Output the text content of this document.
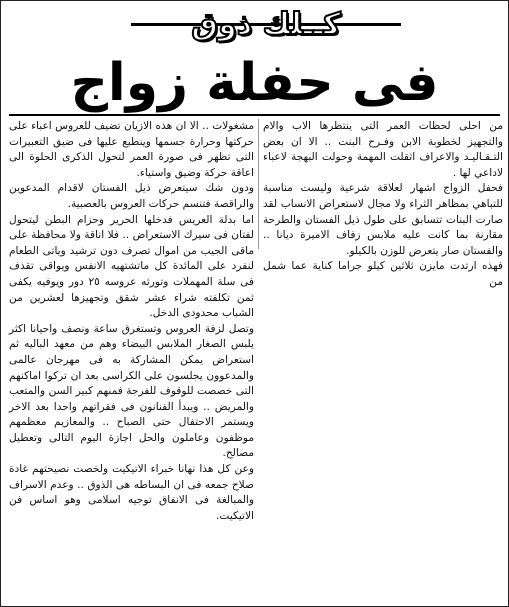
كــلك ذوق
فى حفلة زواج

من احلى لحظات العمر التى ينتظرها الاب والام والتجهيز لخطوبة الابن وفـرح البنت .. الا ان بعض التـقـاليـد والاعراف اثقلت المهمة وحولت البهجة لاعباء لاداعي لها .

فحفل الزواج اشهار لعلاقة شرعية وليست مناسبة للتباهي بمظاهر الثراء ولا مجال لاستعراض الانساب لقد صارت البنات تتسابق على طول ذيل الفستان والطرحة مقارنة بما كانت عليه ملابس زفاف الاميرة ديانا .. والفستان صار يتعرض للوزن بالكيلو.

فهذه ارتدت مايزن ثلاثين كيلو جراما كناية عما شمل من

مشغولات .. الا ان هذه الازيان تضيف للعروس اعباء على حركتها وحرارة جسمها وينطبع عليها فى ضيق التعبيرات التى تظهر فى صورة العمر لتحول الذكرى الحلوة الى اعاقة حركة وضيق واستياء.

ودون شك سيتعرض ذيل الفستان لاقدام المدعوين والراقصة فتنسم حركات العروس بالعصبية.

اما بدلة العريس فدخلها الحرير وحزام البطن ليتحول لفتان فى سيرك الاستعراض .. فلا اناقة ولا محافظة على ماقى الجيب من اموال تصرف دون ترشيد وياتى الطعام لنفرد على المائدة كل ماتشتهيه الانفس ويواقى تقذف فى سلة المهملات وتورثه عروسه ٢٥ دور ويوفيه يكفى ثمن تكلفته شراء عشر شقق وتجهيزها لعشرين من الشباب محدودى الدخل.

وتصل لزفة العروس وتستغرق ساعة ونصف واحيانا اكثر يلبس الصغار الملابس البيضاء وهم من معهد الباليه ثم استعراض يمكن المشاركة به فى مهرجان عالمى والمدعوون يجلسون على الكراسى بعد ان تركوا اماكنهم التى خصصت للوقوف للفرجة فمنهم كبير السن والمتعب والمريض .. ويبدأ الفنانون فى فقراتهم واحدا بعد الاخر ويستمر الاحتفال حتى الصباح .. والمعازيم معظمهم موظفون وعاملون والحل اجازة اليوم التالى وتعطيل مصالح.

وعن كل هذا نهانا خبراء الاتيكيت ولخصت نصيحتهم غادة صلاح جمعه فى ان البساطه هى الذوق .. وعدم الاسراف والمبالغة فى الانفاق توجيه اسلامى وهو اساس فن الاتيكيت.
